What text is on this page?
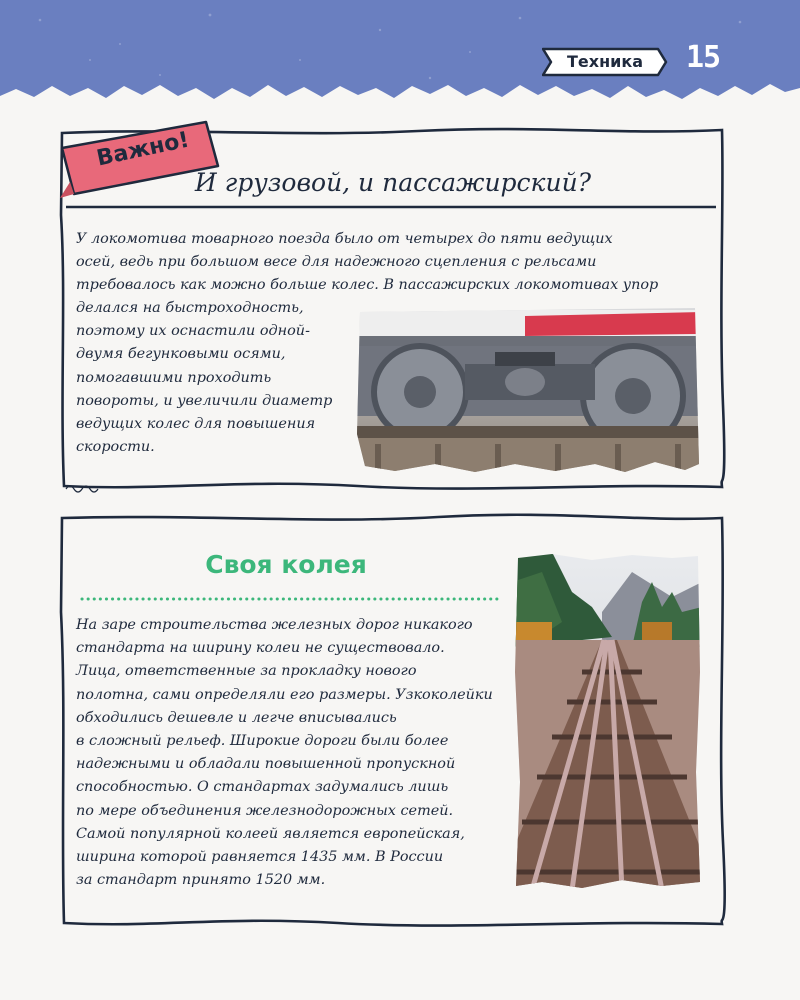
Техника	15
Важно!
И грузовой, и пассажирский?
У локомотива товарного поезда было от четырех до пяти ведущих
осей, ведь при большом весе для надежного сцепления с рельсами
требовалось как можно больше колес. В пассажирских локомотивах упор
делался на быстроходность,
поэтому их оснастили одной-
двумя бегунковыми осями,
помогавшими проходить
повороты, и увеличили диаметр
ведущих колес для повышения
скорости.
Своя колея
На заре строительства железных дорог никакого
стандарта на ширину колеи не существовало.
Лица, ответственные за прокладку нового
полотна, сами определяли его размеры. Узкоколейки
обходились дешевле и легче вписывались
в сложный рельеф. Широкие дороги были более
надежными и обладали повышенной пропускной
способностью. О стандартах задумались лишь
по мере объединения железнодорожных сетей.
Самой популярной колеей является европейская,
ширина которой равняется 1435 мм. В России
за стандарт принято 1520 мм.
